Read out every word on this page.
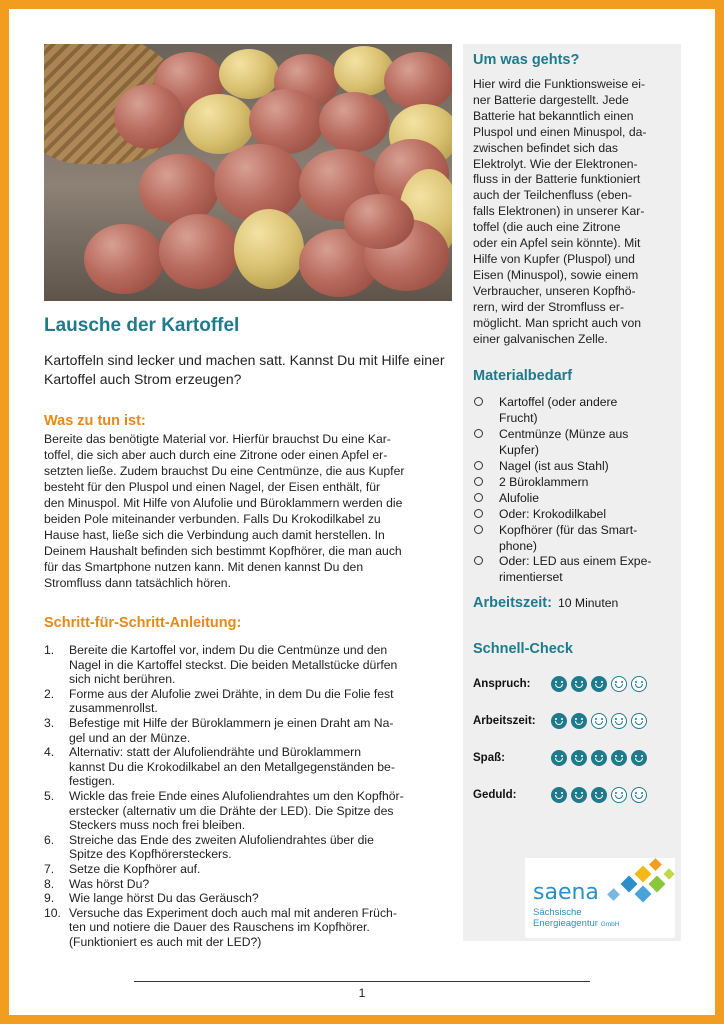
Lausche der Kartoffel
Kartoffeln sind lecker und machen satt. Kannst Du mit Hilfe einer Kartoffel auch Strom erzeugen?
Was zu tun ist:
Bereite das benötigte Material vor. Hierfür brauchst Du eine Kar-
toffel, die sich aber auch durch eine Zitrone oder einen Apfel er-
setzten ließe. Zudem brauchst Du eine Centmünze, die aus Kupfer
besteht für den Pluspol und einen Nagel, der Eisen enthält, für
den Minuspol. Mit Hilfe von Alufolie und Büroklammern werden die
beiden Pole miteinander verbunden. Falls Du Krokodilkabel zu
Hause hast, ließe sich die Verbindung auch damit herstellen. In
Deinem Haushalt befinden sich bestimmt Kopfhörer, die man auch
für das Smartphone nutzen kann. Mit denen kannst Du den
Stromfluss dann tatsächlich hören.
Schritt-für-Schritt-Anleitung:
1.	Bereite die Kartoffel vor, indem Du die Centmünze und den
Nagel in die Kartoffel steckst. Die beiden Metallstücke dürfen
sich nicht berühren.
2.	Forme aus der Alufolie zwei Drähte, in dem Du die Folie fest
zusammenrollst.
3.	Befestige mit Hilfe der Büroklammern je einen Draht am Na-
gel und an der Münze.
4.	Alternativ: statt der Alufoliendrähte und Büroklammern
kannst Du die Krokodilkabel an den Metallgegenständen be-
festigen.
5.	Wickle das freie Ende eines Alufoliendrahtes um den Kopfhör-
erstecker (alternativ um die Drähte der LED). Die Spitze des
Steckers muss noch frei bleiben.
6.	Streiche das Ende des zweiten Alufoliendrahtes über die
Spitze des Kopfhörersteckers.
7.	Setze die Kopfhörer auf.
8.	Was hörst Du?
9.	Wie lange hörst Du das Geräusch?
10. Versuche das Experiment doch auch mal mit anderen Früch-
ten und notiere die Dauer des Rauschens im Kopfhörer.
(Funktioniert es auch mit der LED?)
Um was gehts?
Hier wird die Funktionsweise ei-
ner Batterie dargestellt. Jede
Batterie hat bekanntlich einen
Pluspol und einen Minuspol, da-
zwischen befindet sich das
Elektrolyt. Wie der Elektronen-
fluss in der Batterie funktioniert
auch der Teilchenfluss (eben-
falls Elektronen) in unserer Kar-
toffel (die auch eine Zitrone
oder ein Apfel sein könnte). Mit
Hilfe von Kupfer (Pluspol) und
Eisen (Minuspol), sowie einem
Verbraucher, unseren Kopfhö-
rern, wird der Stromfluss er-
möglicht. Man spricht auch von
einer galvanischen Zelle.
Materialbedarf
Kartoffel (oder andere
Frucht)
Centmünze (Münze aus
Kupfer)
Nagel (ist aus Stahl)
2 Büroklammern
Alufolie
Oder: Krokodilkabel
Kopfhörer (für das Smart-
phone)
Oder: LED aus einem Expe-
rimentierset
Arbeitszeit: 10 Minuten
Schnell-Check
Anspruch:
Arbeitszeit:
Spaß:
Geduld:
saena
Sächsische
Energieagentur GmbH
1
